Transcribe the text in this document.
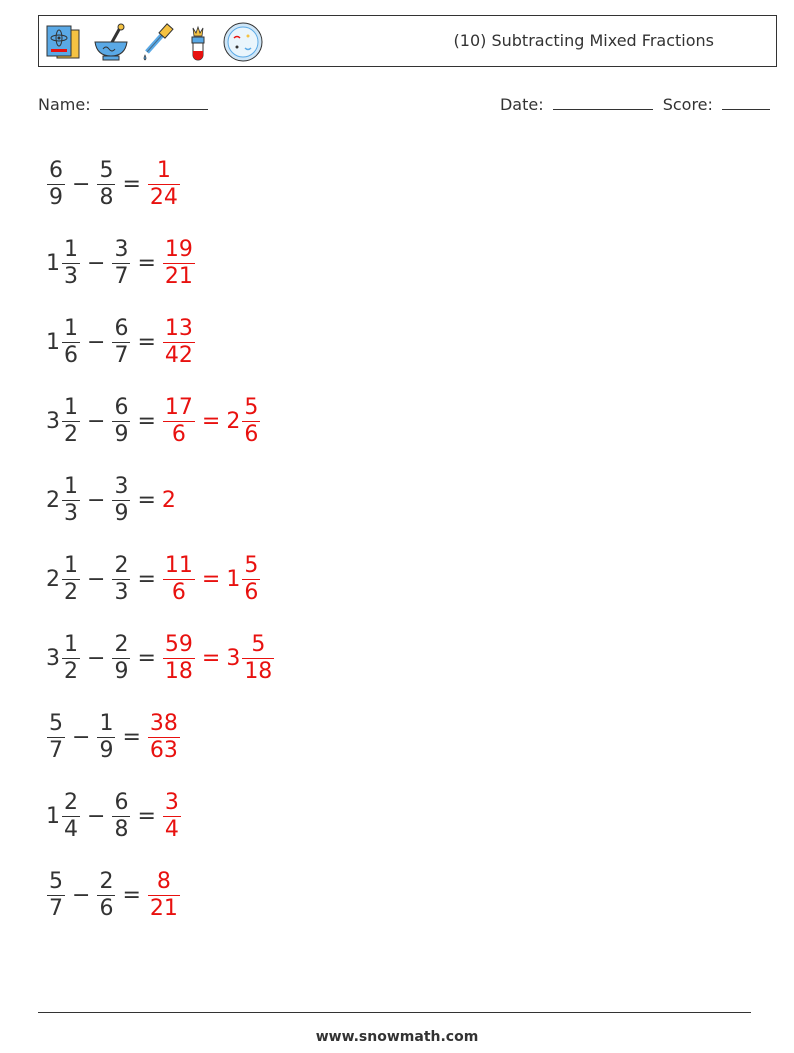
(10) Subtracting Mixed Fractions
Name:	Date:	Score:
$\frac{6}{9} - \frac{5}{8} = \frac{1}{24}$
$1 \frac{1}{3} - \frac{3}{7} = \frac{19}{21}$
$1 \frac{1}{6} - \frac{6}{7} = \frac{13}{42}$
$3 \frac{1}{2} - \frac{6}{9} = \frac{17}{6} = 2 \frac{5}{6}$
$2 \frac{1}{3} - \frac{3}{9} = 2$
$2 \frac{1}{2} - \frac{2}{3} = \frac{11}{6} = 1 \frac{5}{6}$
$3 \frac{1}{2} - \frac{2}{9} = \frac{59}{18} = 3 \frac{5}{18}$
$\frac{5}{7} - \frac{1}{9} = \frac{38}{63}$
$1 \frac{2}{4} - \frac{6}{8} = \frac{3}{4}$
$\frac{5}{7} - \frac{2}{6} = \frac{8}{21}$
www.snowmath.com
